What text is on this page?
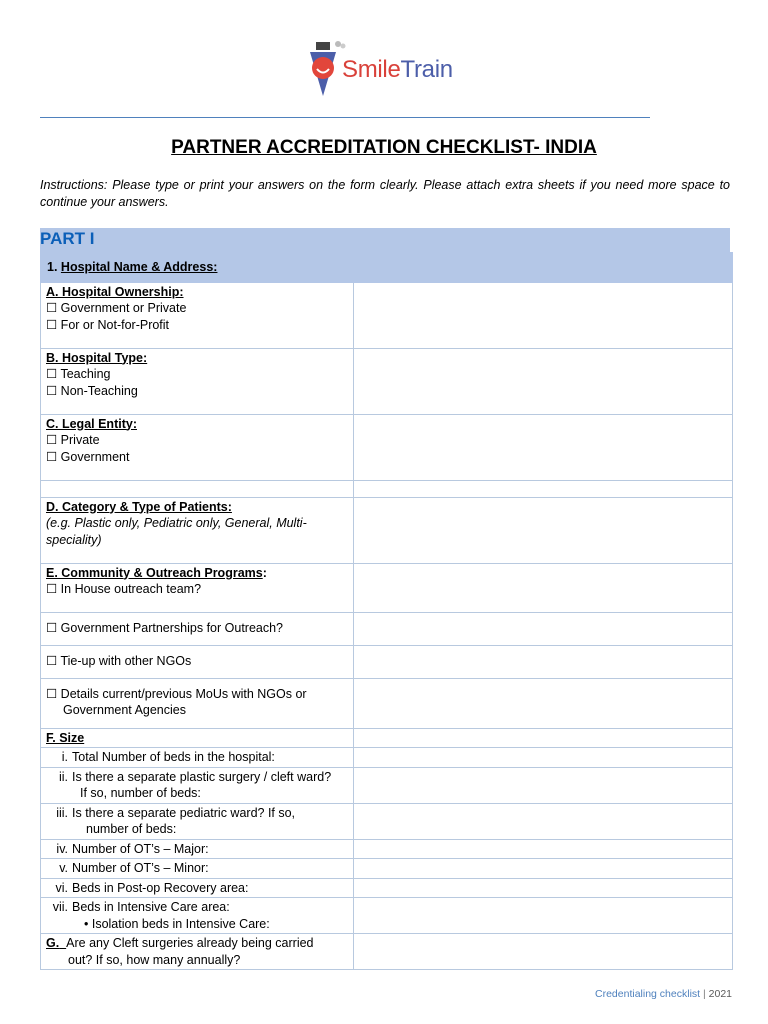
SmileTrain
PARTNER ACCREDITATION CHECKLIST- INDIA
Instructions: Please type or print your answers on the form clearly. Please attach extra sheets if you need more space to continue your answers.
PART I
1. Hospital Name & Address:	

A. Hospital Ownership:
☐ Government or Private
☐ For or Not-for-Profit	

B. Hospital Type:
☐ Teaching
☐ Non-Teaching	

C. Legal Entity:
☐ Private
☐ Government	

D. Category & Type of Patients:
(e.g. Plastic only, Pediatric only, General, Multi-speciality)	

E. Community & Outreach Programs:
☐ In House outreach team?	

☐ Government Partnerships for Outreach?	

☐ Tie-up with other NGOs	

☐ Details current/previous MoUs with NGOs or
Government Agencies	

F. Size	
i. Total Number of beds in the hospital:	
ii. Is there a separate plastic surgery / cleft ward?
If so, number of beds:	

iii. Is there a separate pediatric ward? If so,
number of beds:	

iv. Number of OT’s – Major:	
v. Number of OT’s – Minor:	
vi. Beds in Post-op Recovery area:	
vii. Beds in Intensive Care area:
• Isolation beds in Intensive Care:	

G. Are any Cleft surgeries already being carried
out? If so, how many annually?	

Credentialing checklist | 2021
